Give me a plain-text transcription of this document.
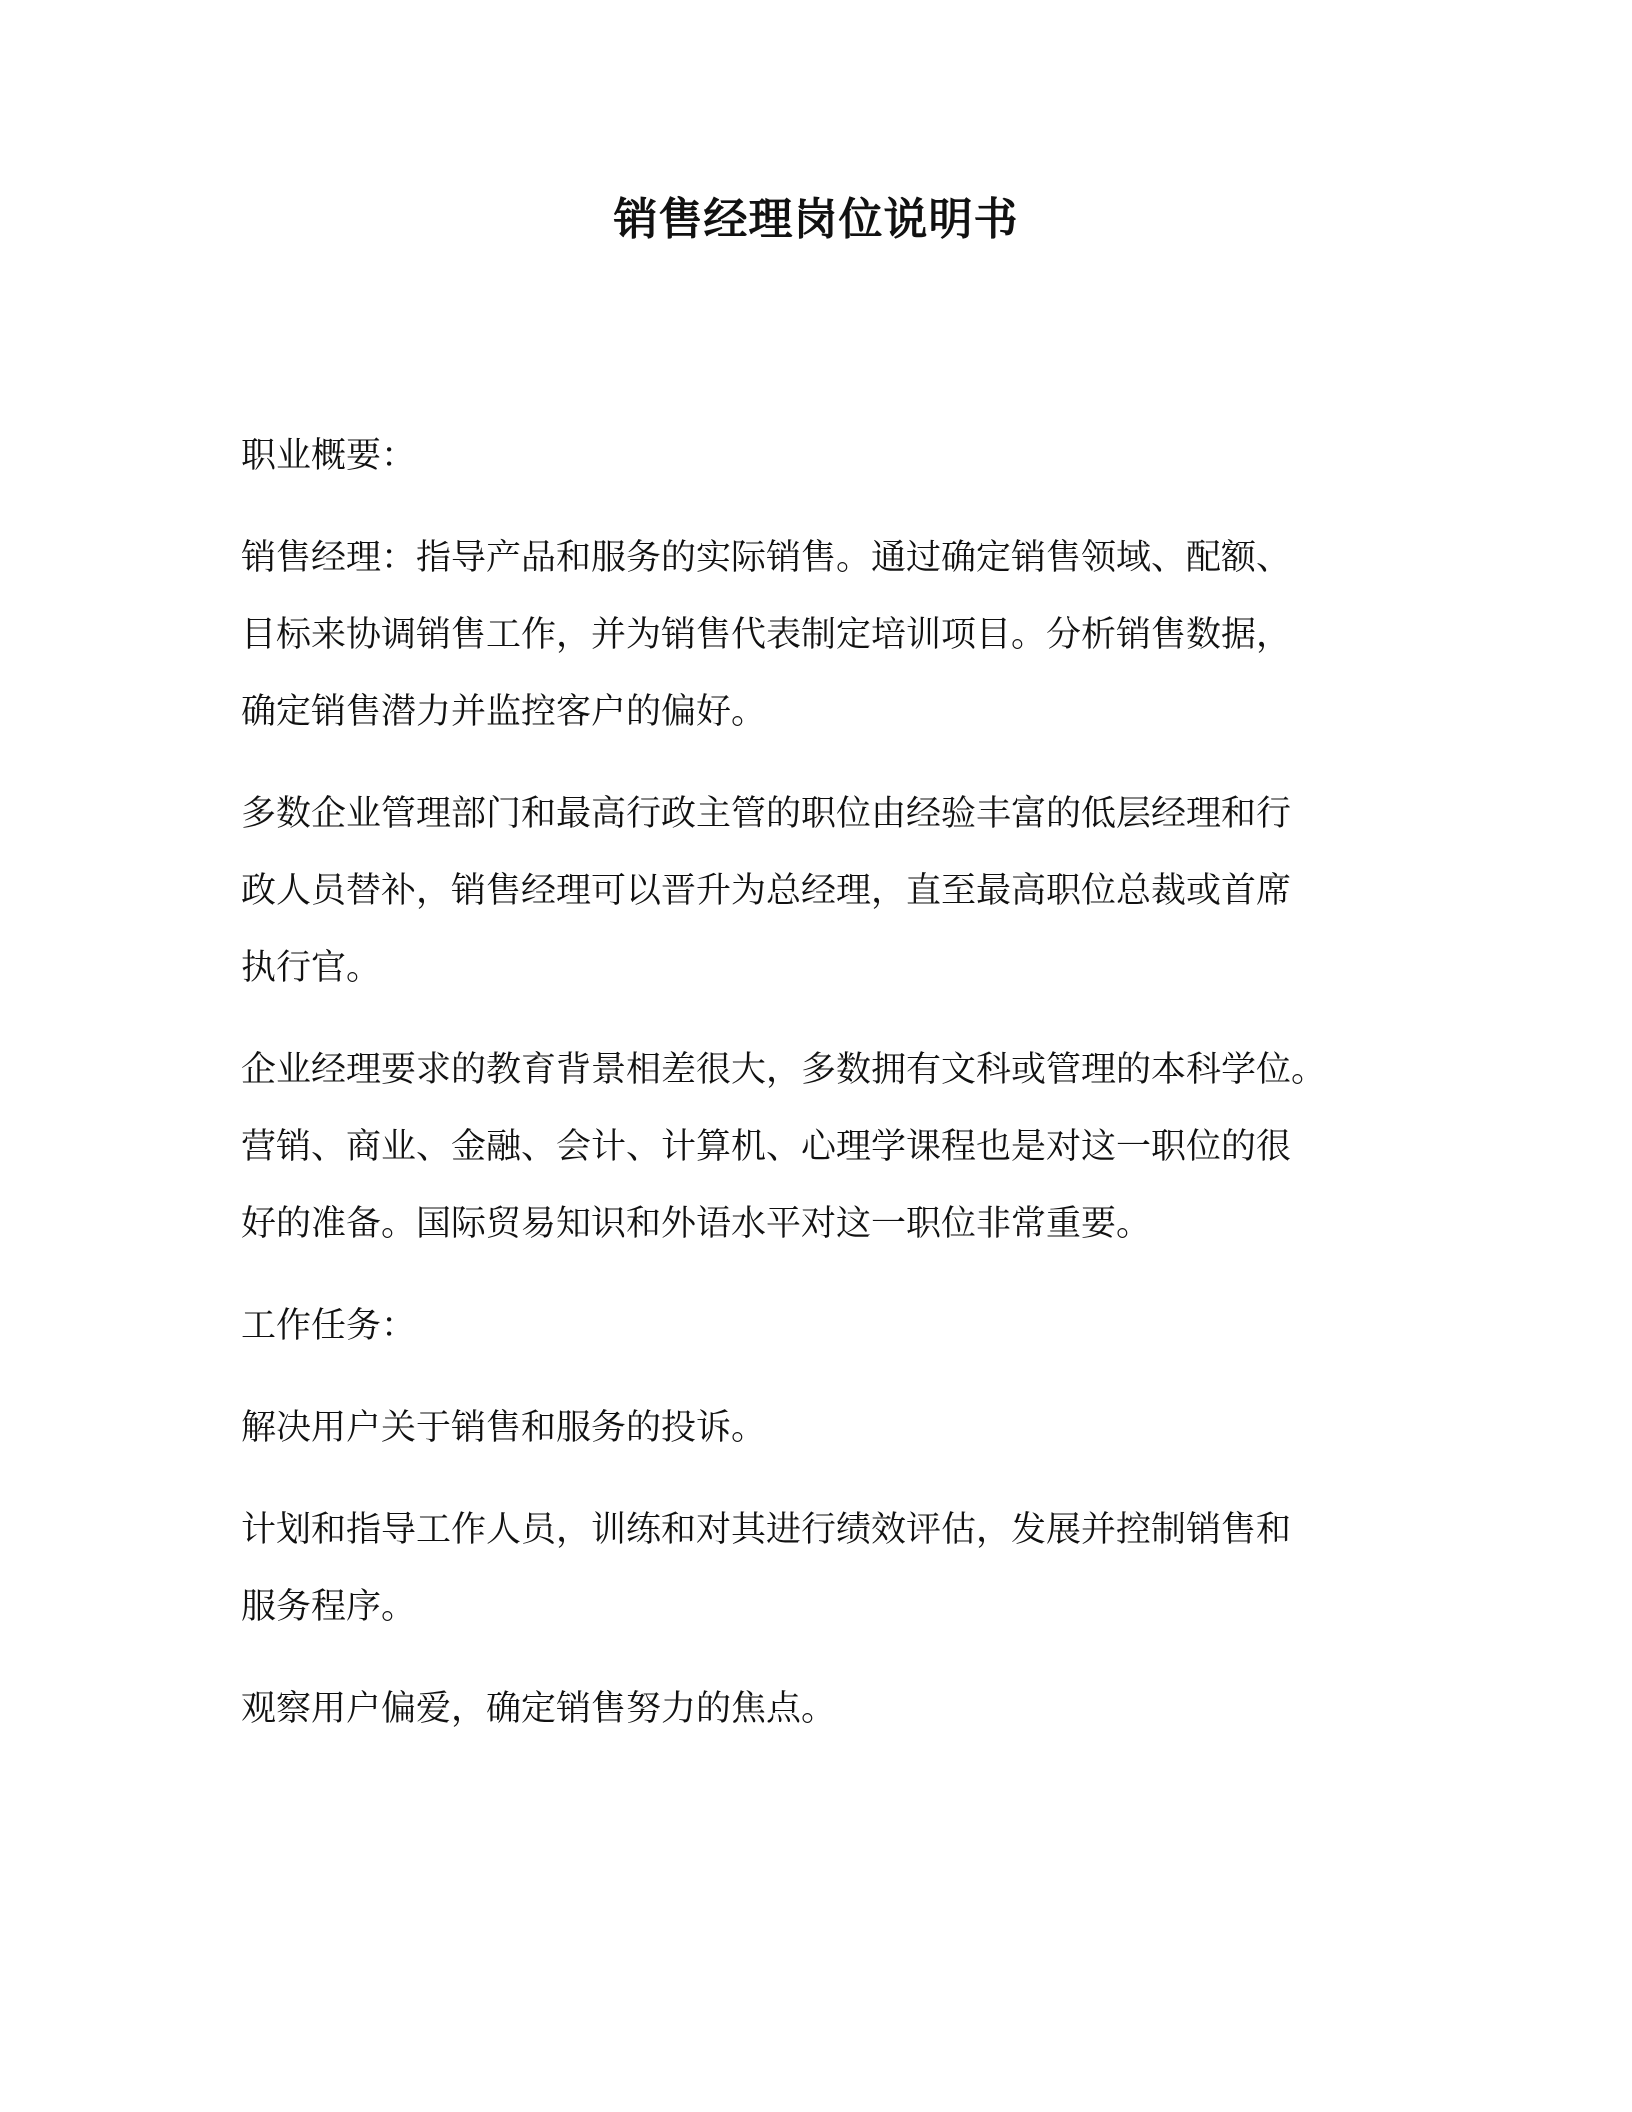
销售经理岗位说明书
职业概要：
销售经理：指导产品和服务的实际销售。通过确定销售领域、配额、
目标来协调销售工作，并为销售代表制定培训项目。分析销售数据，
确定销售潜力并监控客户的偏好。
多数企业管理部门和最高行政主管的职位由经验丰富的低层经理和行
政人员替补，销售经理可以晋升为总经理，直至最高职位总裁或首席
执行官。
企业经理要求的教育背景相差很大，多数拥有文科或管理的本科学位。
营销、商业、金融、会计、计算机、心理学课程也是对这一职位的很
好的准备。国际贸易知识和外语水平对这一职位非常重要。
工作任务：
解决用户关于销售和服务的投诉。
计划和指导工作人员，训练和对其进行绩效评估，发展并控制销售和
服务程序。
观察用户偏爱，确定销售努力的焦点。
